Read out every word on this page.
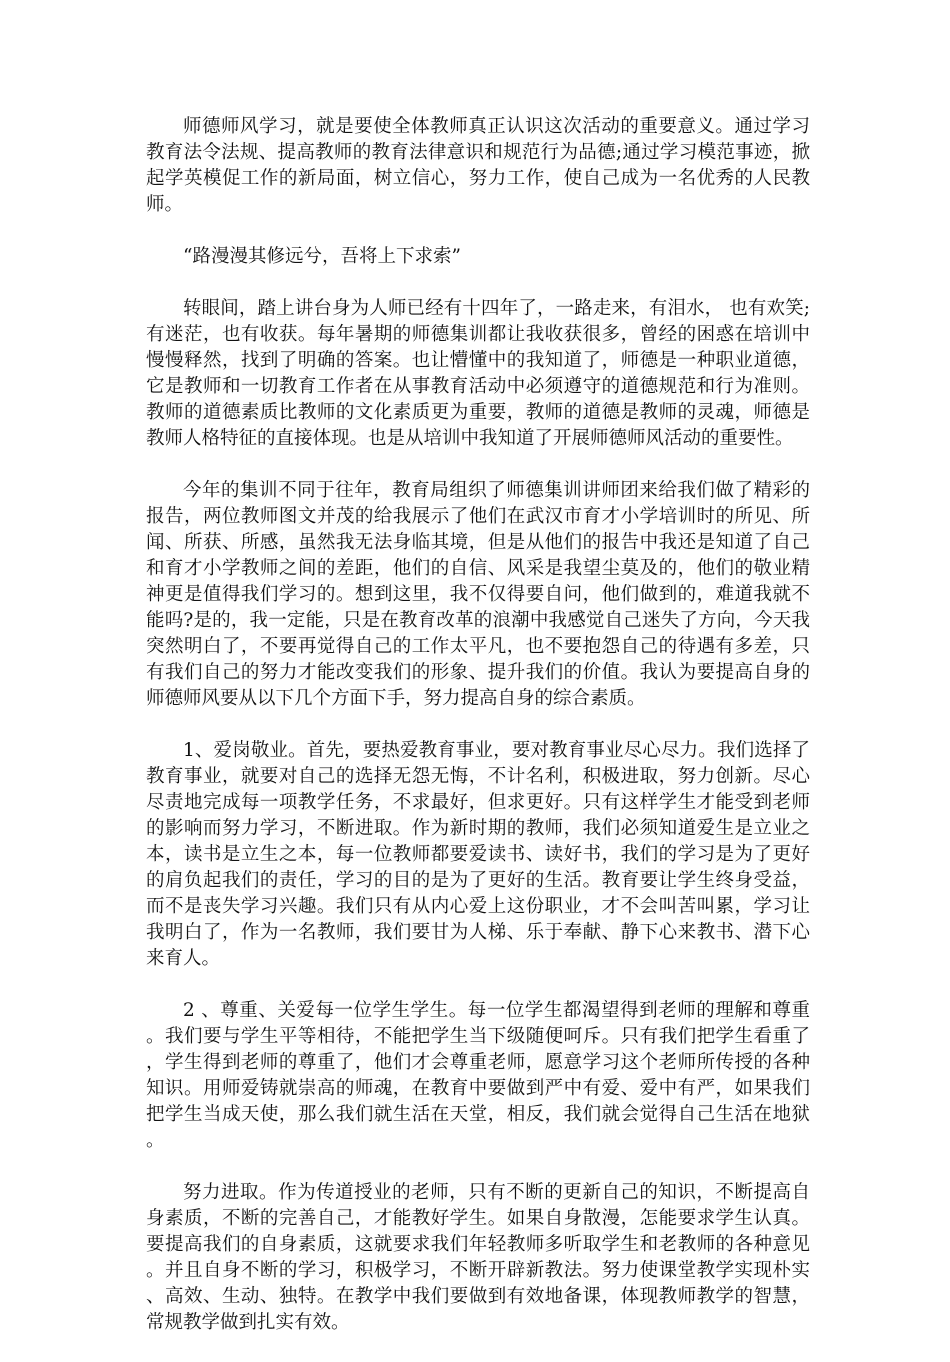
师德师风学习，就是要使全体教师真正认识这次活动的重要意义。通过学习教育法令法规、提高教师的教育法律意识和规范行为品德;通过学习模范事迹，掀起学英模促工作的新局面，树立信心，努力工作，使自己成为一名优秀的人民教师。

“路漫漫其修远兮，吾将上下求索”

转眼间，踏上讲台身为人师已经有十四年了，一路走来，有泪水， 也有欢笑;有迷茫，也有收获。每年暑期的师德集训都让我收获很多，曾经的困惑在培训中慢慢释然，找到了明确的答案。也让懵懂中的我知道了，师德是一种职业道德，它是教师和一切教育工作者在从事教育活动中必须遵守的道德规范和行为准则。教师的道德素质比教师的文化素质更为重要，教师的道德是教师的灵魂，师德是教师人格特征的直接体现。也是从培训中我知道了开展师德师风活动的重要性。

今年的集训不同于往年，教育局组织了师德集训讲师团来给我们做了精彩的报告，两位教师图文并茂的给我展示了他们在武汉市育才小学培训时的所见、所闻、所获、所感，虽然我无法身临其境，但是从他们的报告中我还是知道了自己和育才小学教师之间的差距，他们的自信、风采是我望尘莫及的，他们的敬业精神更是值得我们学习的。想到这里，我不仅得要自问，他们做到的，难道我就不能吗?是的，我一定能，只是在教育改革的浪潮中我感觉自己迷失了方向，今天我突然明白了，不要再觉得自己的工作太平凡，也不要抱怨自己的待遇有多差，只有我们自己的努力才能改变我们的形象、提升我们的价值。我认为要提高自身的师德师风要从以下几个方面下手，努力提高自身的综合素质。

1、爱岗敬业。首先，要热爱教育事业，要对教育事业尽心尽力。我们选择了教育事业，就要对自己的选择无怨无悔，不计名利，积极进取，努力创新。尽心尽责地完成每一项教学任务，不求最好，但求更好。只有这样学生才能受到老师的影响而努力学习，不断进取。作为新时期的教师，我们必须知道爱生是立业之本，读书是立生之本，每一位教师都要爱读书、读好书，我们的学习是为了更好的肩负起我们的责任，学习的目的是为了更好的生活。教育要让学生终身受益，而不是丧失学习兴趣。我们只有从内心爱上这份职业，才不会叫苦叫累，学习让我明白了，作为一名教师，我们要甘为人梯、乐于奉献、静下心来教书、潜下心来育人。

2 、尊重、关爱每一位学生学生。每一位学生都渴望得到老师的理解和尊重。我们要与学生平等相待，不能把学生当下级随便呵斥。只有我们把学生看重了，学生得到老师的尊重了，他们才会尊重老师，愿意学习这个老师所传授的各种知识。用师爱铸就崇高的师魂，在教育中要做到严中有爱、爱中有严，如果我们把学生当成天使，那么我们就生活在天堂，相反，我们就会觉得自己生活在地狱。

努力进取。作为传道授业的老师，只有不断的更新自己的知识，不断提高自身素质，不断的完善自己，才能教好学生。如果自身散漫，怎能要求学生认真。要提高我们的自身素质，这就要求我们年轻教师多听取学生和老教师的各种意见。并且自身不断的学习，积极学习，不断开辟新教法。努力使课堂教学实现朴实、高效、生动、独特。在教学中我们要做到有效地备课，体现教师教学的智慧，常规教学做到扎实有效。
